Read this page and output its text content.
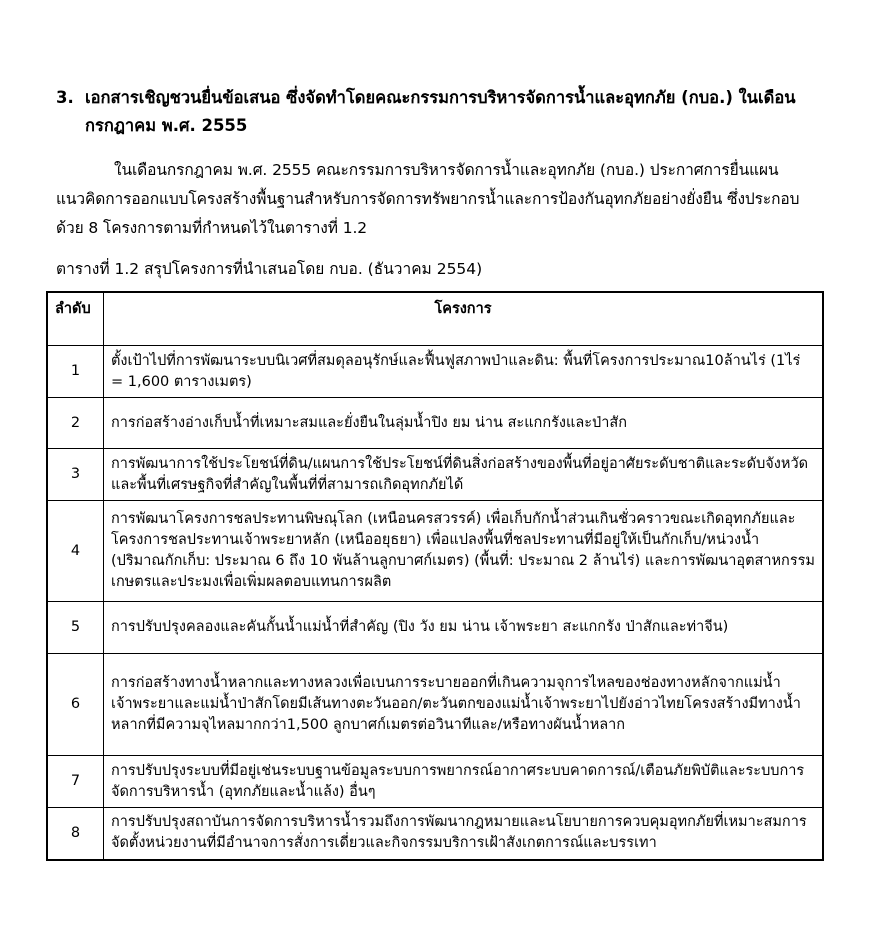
3. เอกสารเชิญชวนยื่นข้อเสนอ ซึ่งจัดทำโดยคณะกรรมการบริหารจัดการน้ำและอุทกภัย (กบอ.) ในเดือนกรกฎาคม พ.ศ. 2555
ในเดือนกรกฎาคม พ.ศ. 2555 คณะกรรมการบริหารจัดการน้ำและอุทกภัย (กบอ.) ประกาศการยื่นแผนแนวคิดการออกแบบโครงสร้างพื้นฐานสำหรับการจัดการทรัพยากรน้ำและการป้องกันอุทกภัยอย่างยั่งยืน ซึ่งประกอบด้วย 8 โครงการตามที่กำหนดไว้ในตารางที่ 1.2
ตารางที่ 1.2 สรุปโครงการที่นำเสนอโดย กบอ. (ธันวาคม 2554)
ลำดับ	โครงการ
1	ตั้งเป้าไปที่การพัฒนาระบบนิเวศที่สมดุลอนุรักษ์และฟื้นฟูสภาพป่าและดิน: พื้นที่โครงการประมาณ10ล้านไร่ (1ไร่ = 1,600 ตารางเมตร)
2	การก่อสร้างอ่างเก็บน้ำที่เหมาะสมและยั่งยืนในลุ่มน้ำปิง ยม น่าน สะแกกรังและป่าสัก
3	การพัฒนาการใช้ประโยชน์ที่ดิน/แผนการใช้ประโยชน์ที่ดินสิ่งก่อสร้างของพื้นที่อยู่อาศัยระดับชาติและระดับจังหวัดและพื้นที่เศรษฐกิจที่สำคัญในพื้นที่ที่สามารถเกิดอุทกภัยได้
4	การพัฒนาโครงการชลประทานพิษณุโลก (เหนือนครสวรรค์) เพื่อเก็บกักน้ำส่วนเกินชั่วคราวขณะเกิดอุทกภัยและโครงการชลประทานเจ้าพระยาหลัก (เหนืออยุธยา) เพื่อแปลงพื้นที่ชลประทานที่มีอยู่ให้เป็นกักเก็บ/หน่วงน้ำ (ปริมาณกักเก็บ: ประมาณ 6 ถึง 10 พันล้านลูกบาศก์เมตร) (พื้นที่: ประมาณ 2 ล้านไร่) และการพัฒนาอุตสาหกรรมเกษตรและประมงเพื่อเพิ่มผลตอบแทนการผลิต
5	การปรับปรุงคลองและคันกั้นน้ำแม่น้ำที่สำคัญ (ปิง วัง ยม น่าน เจ้าพระยา สะแกกรัง ป่าสักและท่าจีน)
6	การก่อสร้างทางน้ำหลากและทางหลวงเพื่อเบนการระบายออกที่เกินความจุการไหลของช่องทางหลักจากแม่น้ำเจ้าพระยาและแม่น้ำป่าสักโดยมีเส้นทางตะวันออก/ตะวันตกของแม่น้ำเจ้าพระยาไปยังอ่าวไทยโครงสร้างมีทางน้ำหลากที่มีความจุไหลมากกว่า1,500 ลูกบาศก์เมตรต่อวินาทีและ/หรือทางผันน้ำหลาก
7	การปรับปรุงระบบที่มีอยู่เช่นระบบฐานข้อมูลระบบการพยากรณ์อากาศระบบคาดการณ์/เตือนภัยพิบัติและระบบการจัดการบริหารน้ำ (อุทกภัยและน้ำแล้ง) อื่นๆ
8	การปรับปรุงสถาบันการจัดการบริหารน้ำรวมถึงการพัฒนากฎหมายและนโยบายการควบคุมอุทกภัยที่เหมาะสมการจัดตั้งหน่วยงานที่มีอำนาจการสั่งการเดี่ยวและกิจกรรมบริการเฝ้าสังเกตการณ์และบรรเทา
